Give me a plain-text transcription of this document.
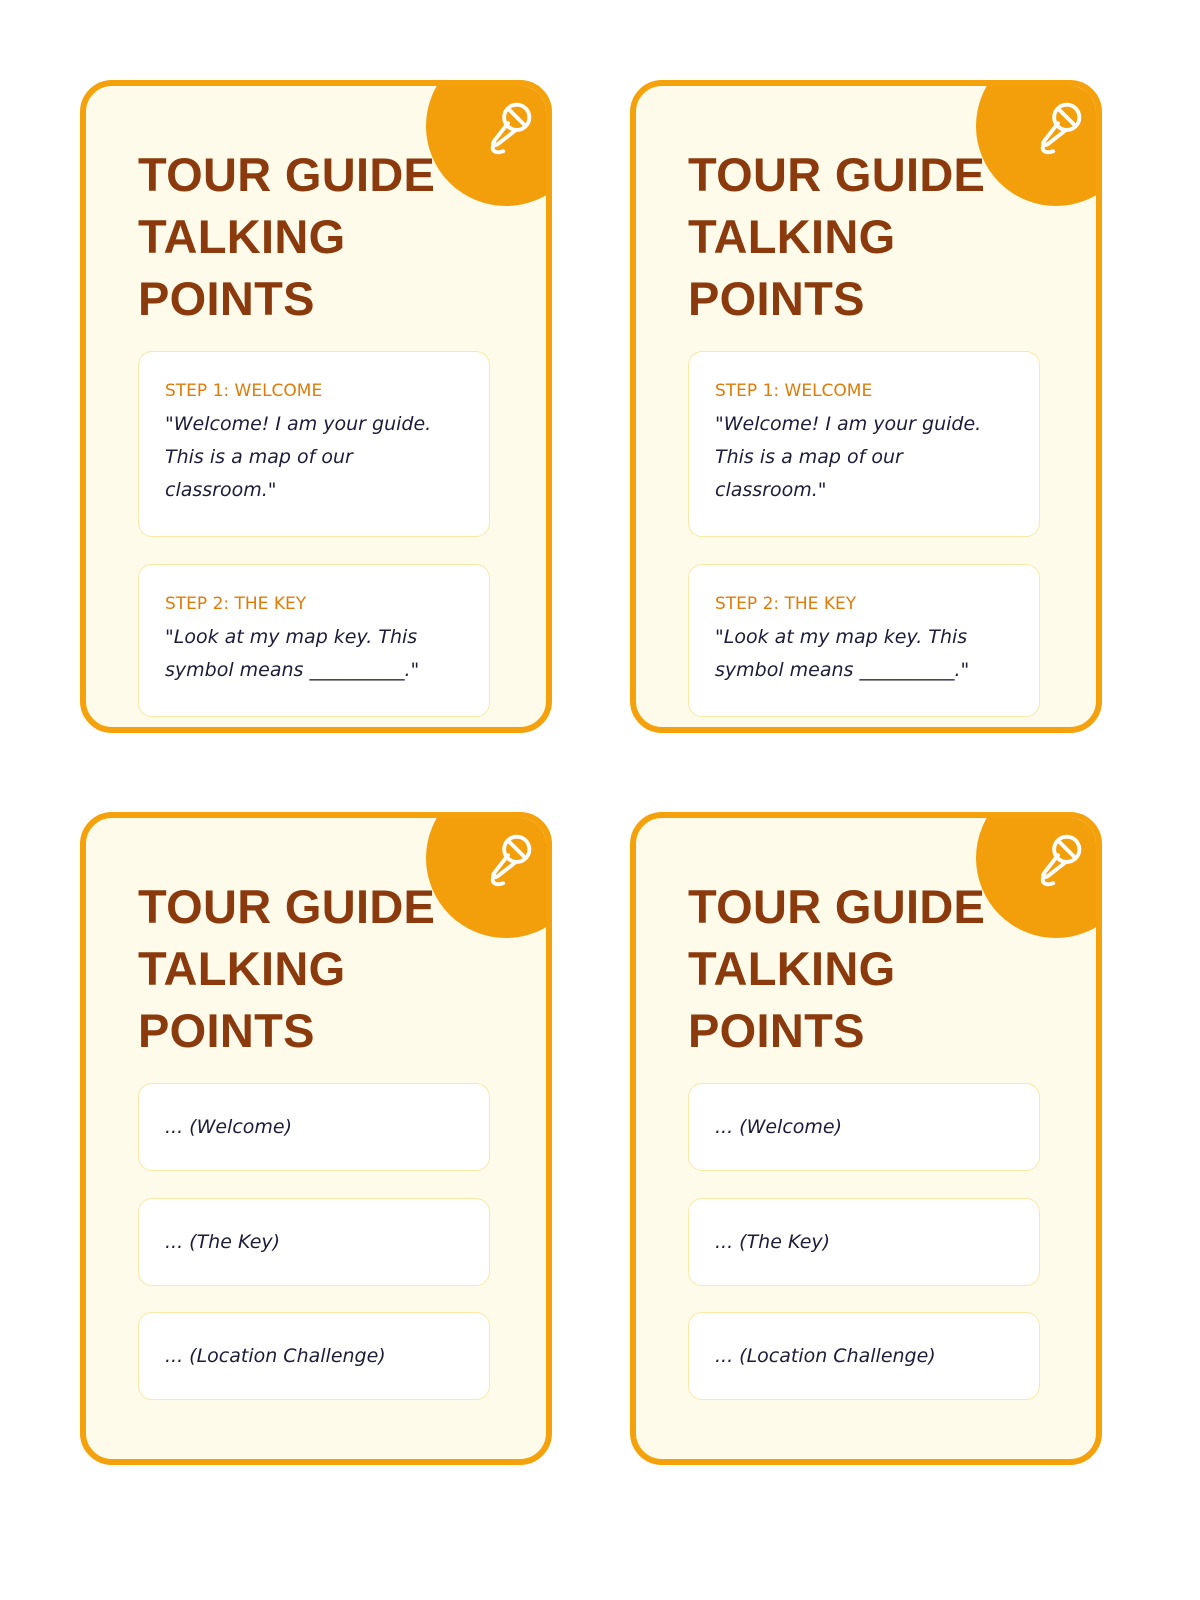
TOUR GUIDE
TALKING
POINTS
STEP 1: WELCOME
"Welcome! I am your guide. This is a map of our classroom."
STEP 2: THE KEY
"Look at my map key. This symbol means __________."
TOUR GUIDE
TALKING
POINTS
STEP 1: WELCOME
"Welcome! I am your guide. This is a map of our classroom."
STEP 2: THE KEY
"Look at my map key. This symbol means __________."
TOUR GUIDE
TALKING
POINTS
... (Welcome)
... (The Key)
... (Location Challenge)
TOUR GUIDE
TALKING
POINTS
... (Welcome)
... (The Key)
... (Location Challenge)
